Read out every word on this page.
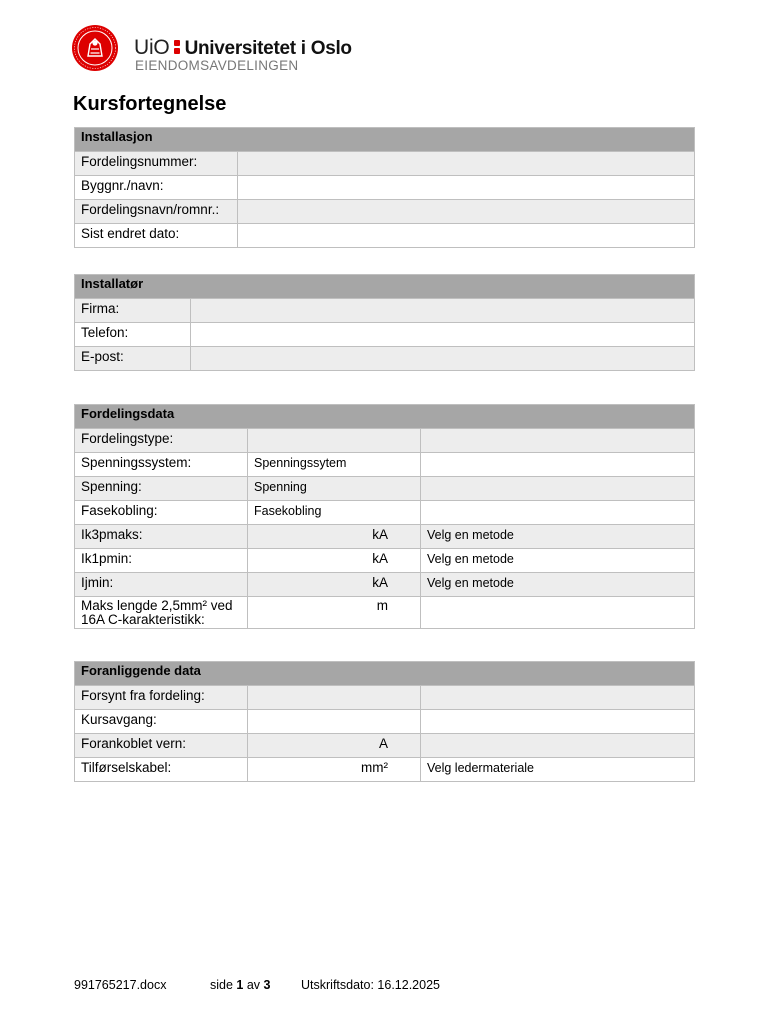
UiO Universitetet i Oslo
EIENDOMSAVDELINGEN
Kursfortegnelse
Installasjon	
Fordelingsnummer:	
Byggnr./navn:	
Fordelingsnavn/romnr.:	
Sist endret dato:	
Installatør	
Firma:	
Telefon:	
E-post:	
Fordelingsdata		
Fordelingstype:		
Spenningssystem:	Spenningssytem	
Spenning:	Spenning	
Fasekobling:	Fasekobling	
Ik3pmaks:	kA	Velg en metode
Ik1pmin:	kA	Velg en metode
Ijmin:	kA	Velg en metode
Maks lengde 2,5mm² ved 16A C-karakteristikk:	m	
Foranliggende data		
Forsynt fra fordeling:		
Kursavgang:		
Forankoblet vern:	A	
Tilførselskabel:	mm²	Velg ledermateriale
991765217.docx	side 1 av 3 Utskriftsdato: 16.12.2025
